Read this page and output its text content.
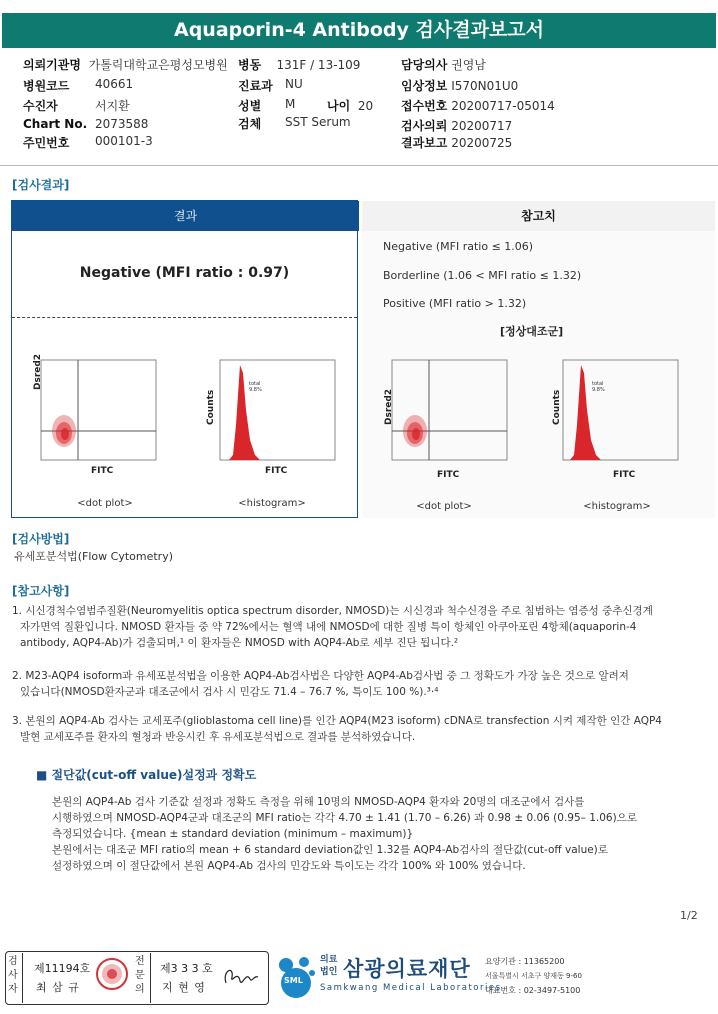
Aquaporin-4 Antibody 검사결과보고서
의뢰기관명 가톨릭대학교은평성모병원 병동 131F / 13-109	담당의사 권영남
병원코드 40661	진료과 NU	임상정보 I570N01U0
수진자	서지환	성별 M	나이 20 접수번호 20200717-05014
Chart No. 2073588	검체 SST Serum	검사의뢰 20200717
주민번호 000101-3	결과보고 20200725
[검사결과]
결과
Negative (MFI ratio : 0.97)
참고치
Negative (MFI ratio ≤ 1.06)
Borderline (1.06 < MFI ratio ≤ 1.32)
Positive (MFI ratio > 1.32)
[정상대조군]
Dsred2
FITC
<dot plot>
total
9.8%
Counts
FITC
<histogram>
Dsred2
FITC
<dot plot>
total
9.8%
Counts
FITC
<histogram>
[검사방법]
유세포분석법(Flow Cytometry)
[참고사항]
1. 시신경척수염범주질환(Neuromyelitis optica spectrum disorder, NMOSD)는 시신경과 척수신경을 주로 침범하는 염증성 중추신경계
자가면역 질환입니다. NMOSD 환자들 중 약 72%에서는 혈액 내에 NMOSD에 대한 질병 특이 항체인 아쿠아포린 4항체(aquaporin-4
antibody, AQP4-Ab)가 검출되며,¹ 이 환자들은 NMOSD with AQP4-Ab로 세부 진단 됩니다.²
2. M23-AQP4 isoform과 유세포분석법을 이용한 AQP4-Ab검사법은 다양한 AQP4-Ab검사법 중 그 정확도가 가장 높은 것으로 알려져
있습니다(NMOSD환자군과 대조군에서 검사 시 민감도 71.4 – 76.7 %, 특이도 100 %).³·⁴
3. 본원의 AQP4-Ab 검사는 교세포주(glioblastoma cell line)를 인간 AQP4(M23 isoform) cDNA로 transfection 시켜 제작한 인간 AQP4
발현 교세포주를 환자의 혈청과 반응시킨 후 유세포분석법으로 결과를 분석하였습니다.
■ 절단값(cut-off value)설정과 정확도
본원의 AQP4-Ab 검사 기준값 설정과 정확도 측정을 위해 10명의 NMOSD-AQP4 환자와 20명의 대조군에서 검사를
시행하였으며 NMOSD-AQP4군과 대조군의 MFI ratio는 각각 4.70 ± 1.41 (1.70 – 6.26) 과 0.98 ± 0.06 (0.95– 1.06)으로
측정되었습니다. {mean ± standard deviation (minimum – maximum)}
본원에서는 대조군 MFI ratio의 mean + 6 standard deviation값인 1.32를 AQP4-Ab검사의 절단값(cut-off value)로
설정하였으며 이 절단값에서 본원 AQP4-Ab 검사의 민감도와 특이도는 각각 100% 와 100% 였습니다.
1/2
검사자
제11194호
최 삼 규
전문의
제3 3 3 호
지 현 영
SML
의료
법인 삼광의료재단
Samkwang Medical Laboratories
요양기관 : 11365200
서울특별시 서초구 양재동 9-60
대표번호 : 02-3497-5100
